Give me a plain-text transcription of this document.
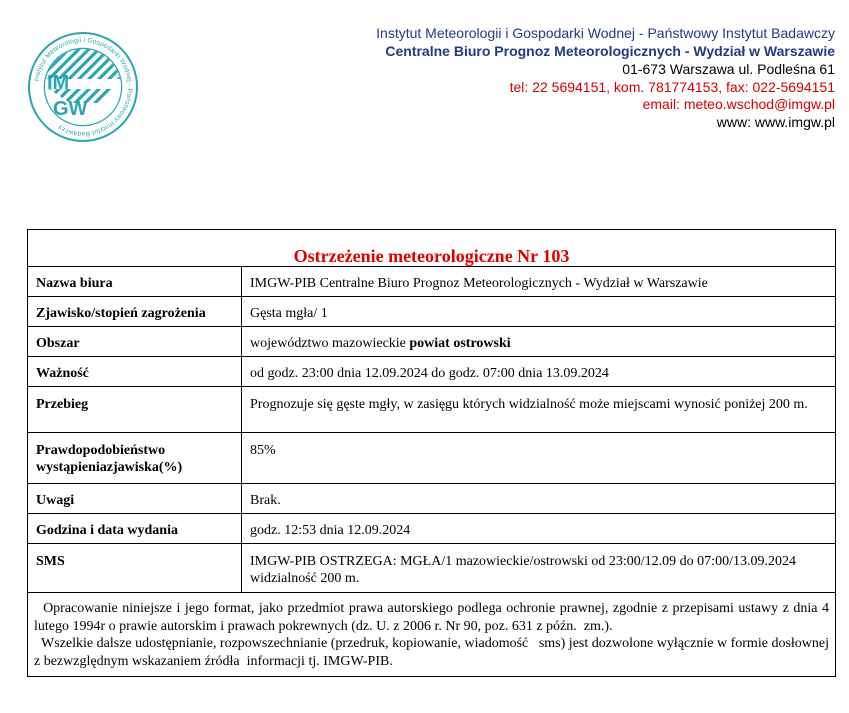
Instytut Meteorologii i Gospodarki Wodnej · Państwowy Instytut Badawczy
IM
GW
Instytut Meteorologii i Gospodarki Wodnej - Państwowy Instytut Badawczy
Centralne Biuro Prognoz Meteorologicznych - Wydział w Warszawie
01-673 Warszawa ul. Podleśna 61
tel: 22 5694151, kom. 781774153, fax: 022-5694151
email: meteo.wschod@imgw.pl
www: www.imgw.pl
Ostrzeżenie meteorologiczne Nr 103	
Nazwa biura	IMGW-PIB Centralne Biuro Prognoz Meteorologicznych - Wydział w Warszawie
Zjawisko/stopień zagrożenia	Gęsta mgła/ 1
Obszar	województwo mazowieckie powiat ostrowski
Ważność	od godz. 23:00 dnia 12.09.2024 do godz. 07:00 dnia 13.09.2024
Przebieg	Prognozuje się gęste mgły, w zasięgu których widzialność może miejscami wynosić poniżej 200 m.
Prawdopodobieństwo wystąpieniazjawiska(%)	85%
Uwagi	Brak.
Godzina i data wydania	godz. 12:53 dnia 12.09.2024
SMS	IMGW-PIB OSTRZEGA: MGŁA/1 mazowieckie/ostrowski od 23:00/12.09 do 07:00/13.09.2024 widzialność 200 m.

Opracowanie niniejsze i jego format, jako przedmiot prawa autorskiego podlega ochronie prawnej, zgodnie z przepisami ustawy z dnia 4 lutego 1994r o prawie autorskim i prawach pokrewnych (dz. U. z 2006 r. Nr 90, poz. 631 z późn.  zm.).
Wszelkie dalsze udostępnianie, rozpowszechnianie (przedruk, kopiowanie, wiadomość   sms) jest dozwolone wyłącznie w formie dosłownej z bezwzględnym wskazaniem źródła  informacji tj. IMGW-PIB.	
